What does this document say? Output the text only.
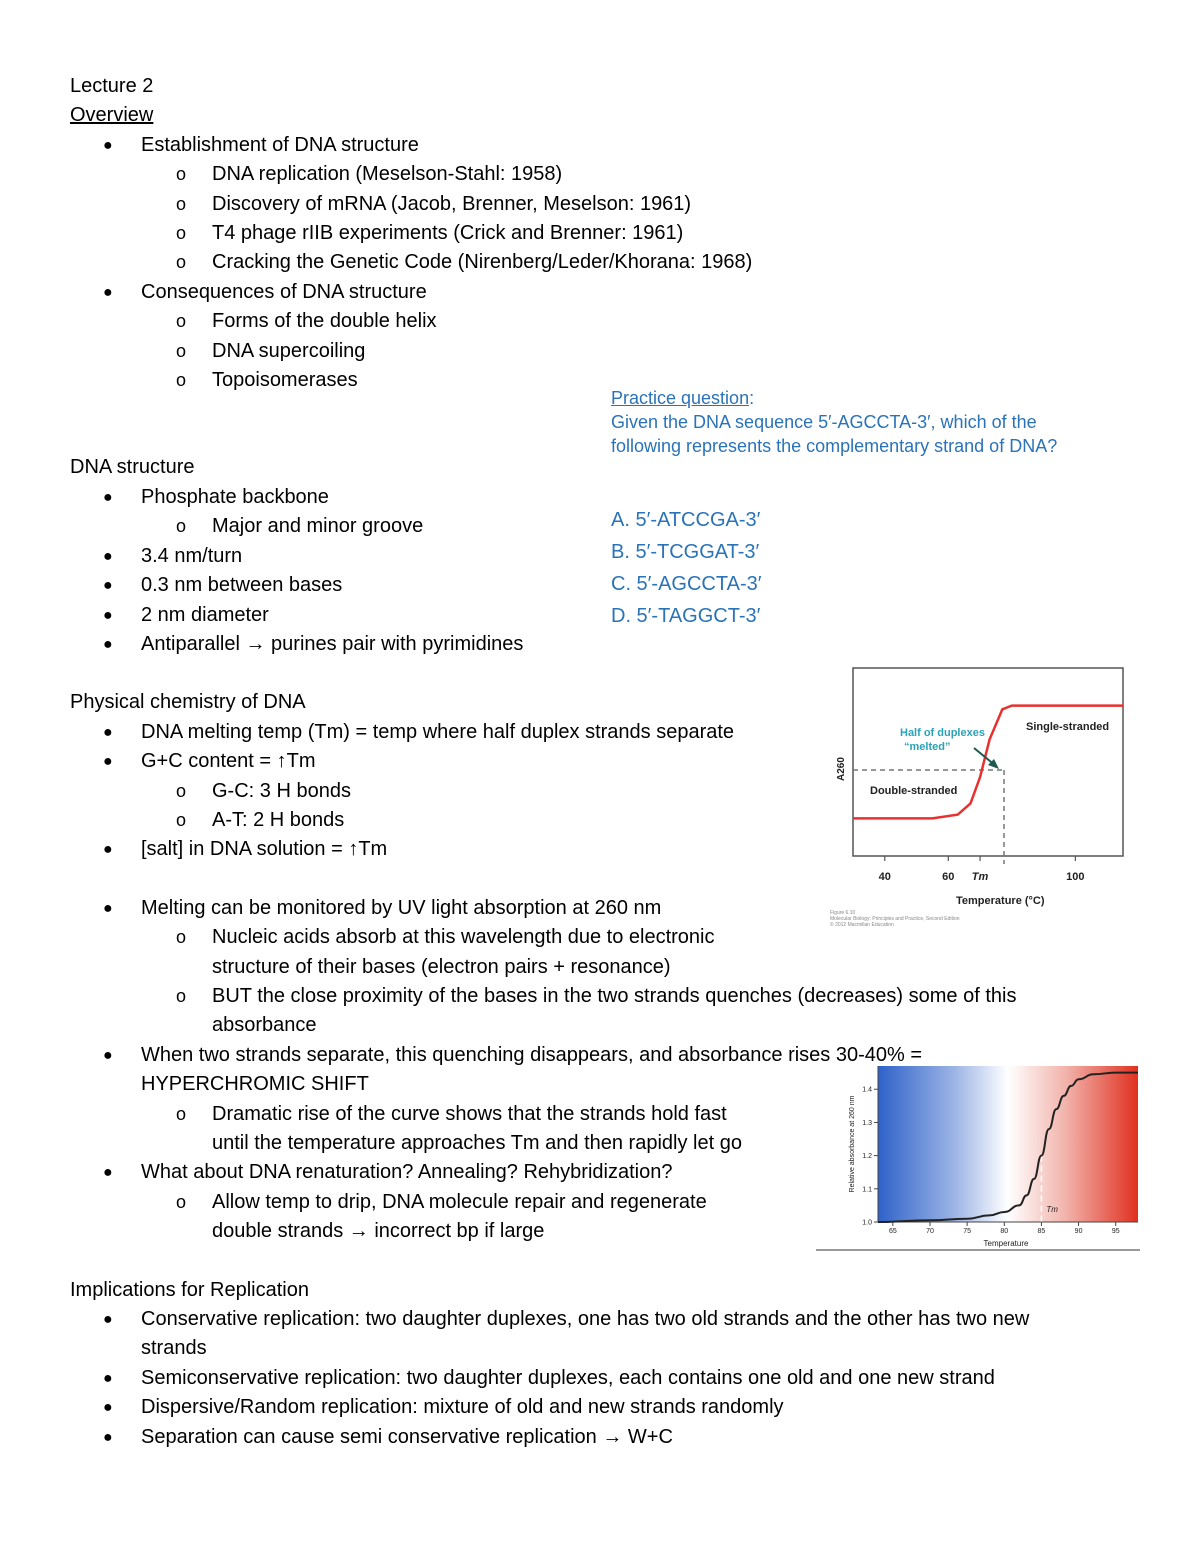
Lecture 2
Overview
● Establishment of DNA structure
o DNA replication (Meselson-Stahl: 1958)
o Discovery of mRNA (Jacob, Brenner, Meselson: 1961)
o T4 phage rIIB experiments (Crick and Brenner: 1961)
o Cracking the Genetic Code (Nirenberg/Leder/Khorana: 1968)
● Consequences of DNA structure
o Forms of the double helix
o DNA supercoiling
o Topoisomerases
DNA structure
● Phosphate backbone
o Major and minor groove
● 3.4 nm/turn
● 0.3 nm between bases
● 2 nm diameter
● Antiparallel → purines pair with pyrimidines
Physical chemistry of DNA
● DNA melting temp (Tm) = temp where half duplex strands separate
● G+C content = ↑Tm
o G-C: 3 H bonds
o A-T: 2 H bonds
● [salt] in DNA solution = ↑Tm
● Melting can be monitored by UV light absorption at 260 nm
o Nucleic acids absorb at this wavelength due to electronic
structure of their bases (electron pairs + resonance)
o BUT the close proximity of the bases in the two strands quenches (decreases) some of this
absorbance
● When two strands separate, this quenching disappears, and absorbance rises 30-40% =
HYPERCHROMIC SHIFT
o Dramatic rise of the curve shows that the strands hold fast
until the temperature approaches Tm and then rapidly let go
● What about DNA renaturation? Annealing? Rehybridization?
o Allow temp to drip, DNA molecule repair and regenerate
double strands → incorrect bp if large
Implications for Replication
● Conservative replication: two daughter duplexes, one has two old strands and the other has two new
strands
● Semiconservative replication: two daughter duplexes, each contains one old and one new strand
● Dispersive/Random replication: mixture of old and new strands randomly
● Separation can cause semi conservative replication → W+C
Practice question:
Given the DNA sequence 5′-AGCCTA-3′, which of the
following represents the complementary strand of DNA?
A. 5′-ATCCGA-3′
B. 5′-TCGGAT-3′
C. 5′-AGCCTA-3′
D. 5′-TAGGCT-3′
A260
Single-stranded
Double-stranded
Half of duplexes
“melted”
40	60 Tm	100
Temperature (°C)
Figure 6.10
Molecular Biology: Principles and Practice, Second Edition
© 2012 Macmillan Education
Tm
65	70	75	80	85	90	95
1.0
1.1
1.2
1.3
1.4
Temperature
Relative absorbance at 260 nm
